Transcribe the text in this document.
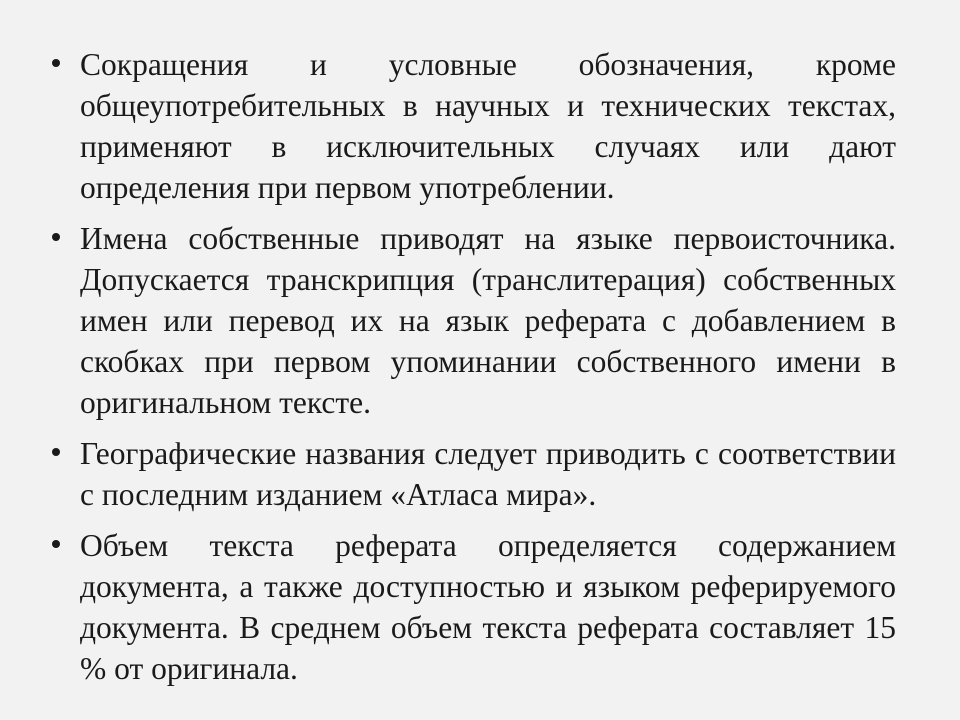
Сокращения и условные обозначения, кроме общеупотребительных в научных и технических текстах, применяют в исключительных случаях или дают определения при первом употреблении.
Имена собственные приводят на языке первоисточника. Допускается транскрипция (транслитерация) собственных имен или перевод их на язык реферата с добавлением в скобках при первом упоминании собственного имени в оригинальном тексте.
Географические названия следует приводить с соответствии с последним изданием «Атласа мира».
Объем текста реферата определяется содержанием документа, а также доступностью и языком реферируемого документа. В среднем объем текста реферата составляет 15 % от оригинала.
